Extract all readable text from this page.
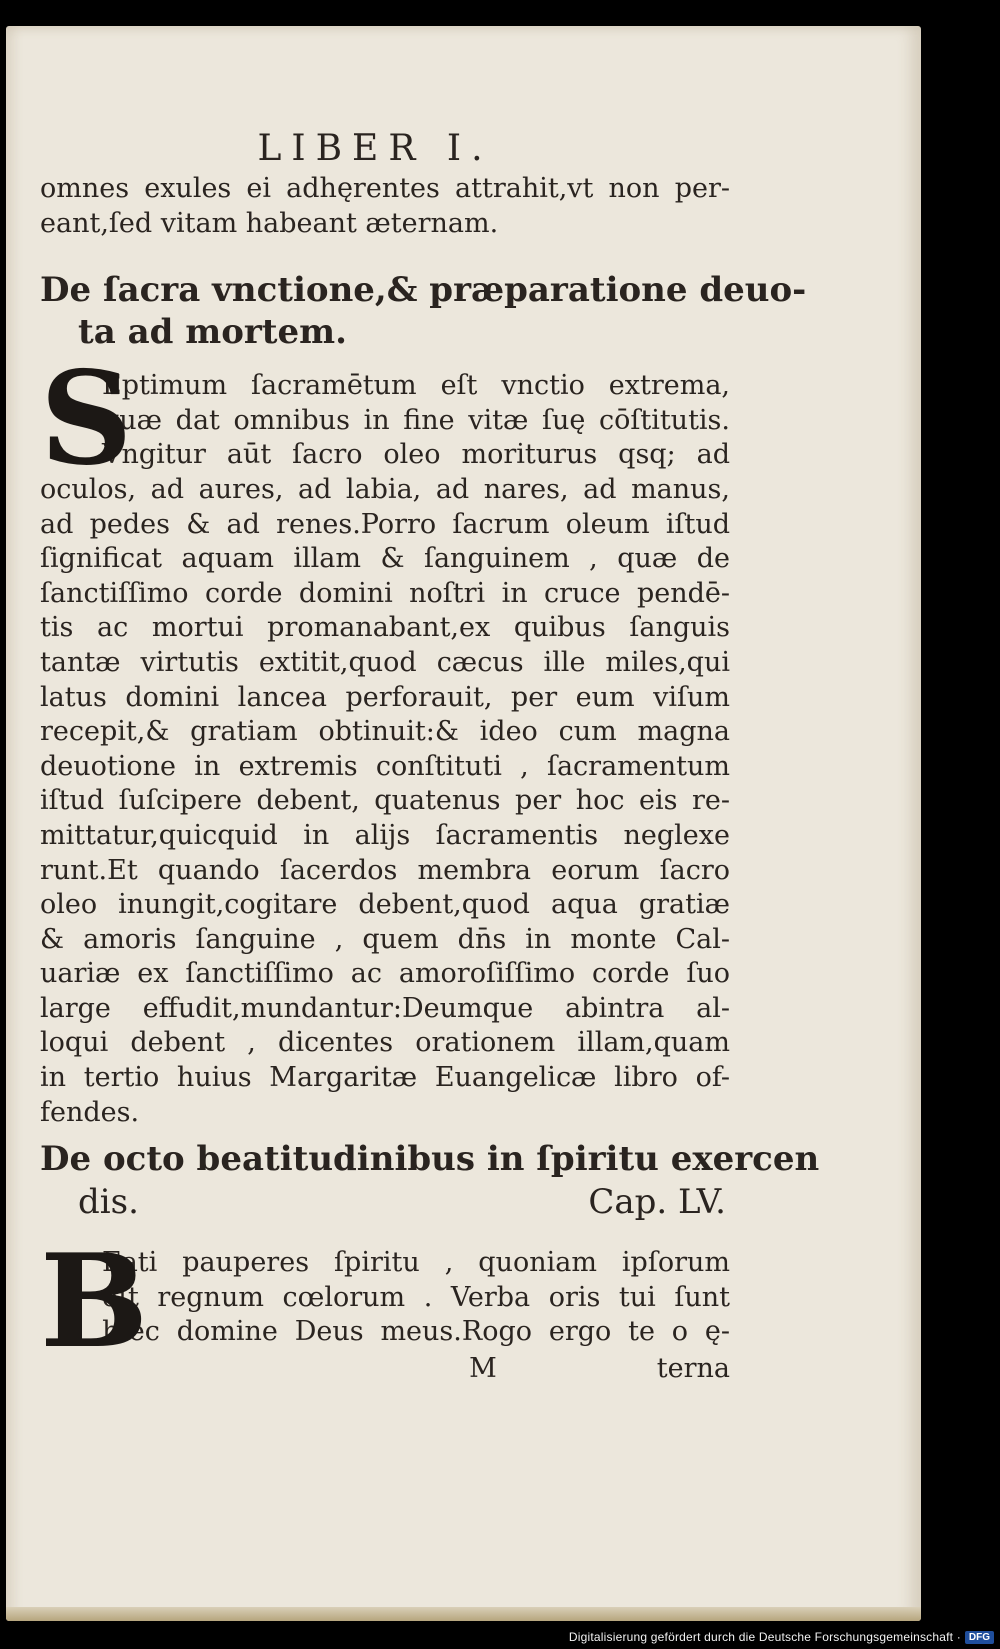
LIBER I.
omnes exules ei adhęrentes attrahit,vt non per-
eant,ſed vitam habeant æternam.
De ſacra vnctione,& præparatione deuo-
ta ad mortem.
S
Eptimum ſacramētum eſt vnctio extrema,
quæ dat omnibus in fine vitæ ſuę cōſtitutis.
Vngitur aūt ſacro oleo moriturus qsq; ad
oculos, ad aures, ad labia, ad nares, ad manus,
ad pedes & ad renes.Porro ſacrum oleum iſtud
ſignificat aquam illam & ſanguinem , quæ de
ſanctiſſimo corde domini noſtri in cruce pendē-
tis ac mortui promanabant,ex quibus ſanguis
tantæ virtutis extitit,quod cæcus ille miles,qui
latus domini lancea perforauit, per eum viſum
recepit,& gratiam obtinuit:& ideo cum magna
deuotione in extremis conſtituti , ſacramentum
iſtud ſuſcipere debent, quatenus per hoc eis re-
mittatur,quicquid in alijs ſacramentis neglexe
runt.Et quando ſacerdos membra eorum ſacro
oleo inungit,cogitare debent,quod aqua gratiæ
& amoris ſanguine , quem dn̄s in monte Cal-
uariæ ex ſanctiſſimo ac amoroſiſſimo corde ſuo
large effudit,mundantur:Deumque abintra al-
loqui debent , dicentes orationem illam,quam
in tertio huius Margaritæ Euangelicæ libro of-
fendes.
De octo beatitudinibus in ſpiritu exercen
dis.	Cap. LV.
B
Eati pauperes ſpiritu , quoniam ipſorum
eſt regnum cœlorum . Verba oris tui ſunt
hæc domine Deus meus.Rogo ergo te o ę-
M	terna
Digitalisierung gefördert durch die Deutsche Forschungsgemeinschaft · DFG
